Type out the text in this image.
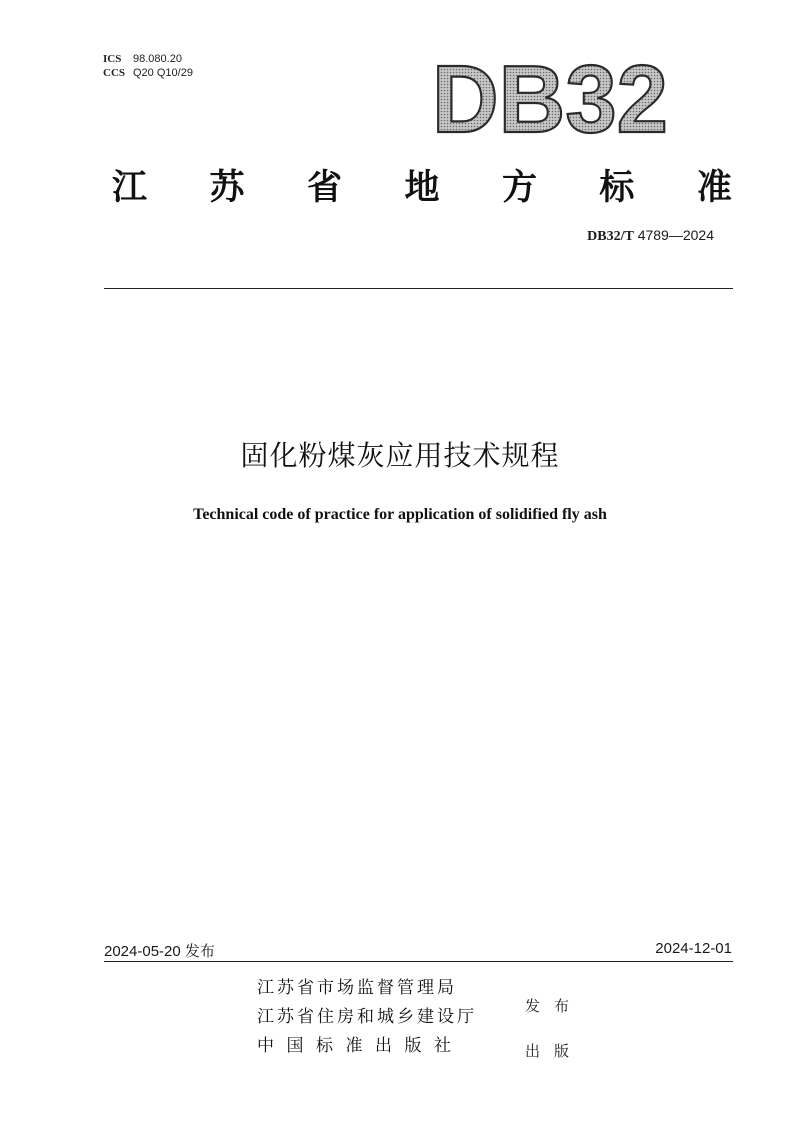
ICS 98.080.20
CCS Q20 Q10/29 DB32
江 苏 省 地 方 标 准
DB32/T 4789—2024
固化粉煤灰应用技术规程
Technical code of practice for application of solidified fly ash
2024-05-20 发布	2024-12-01
江苏省市场监督管理局
江苏省住房和城乡建设厅
中国标准出版社
发布
出版
